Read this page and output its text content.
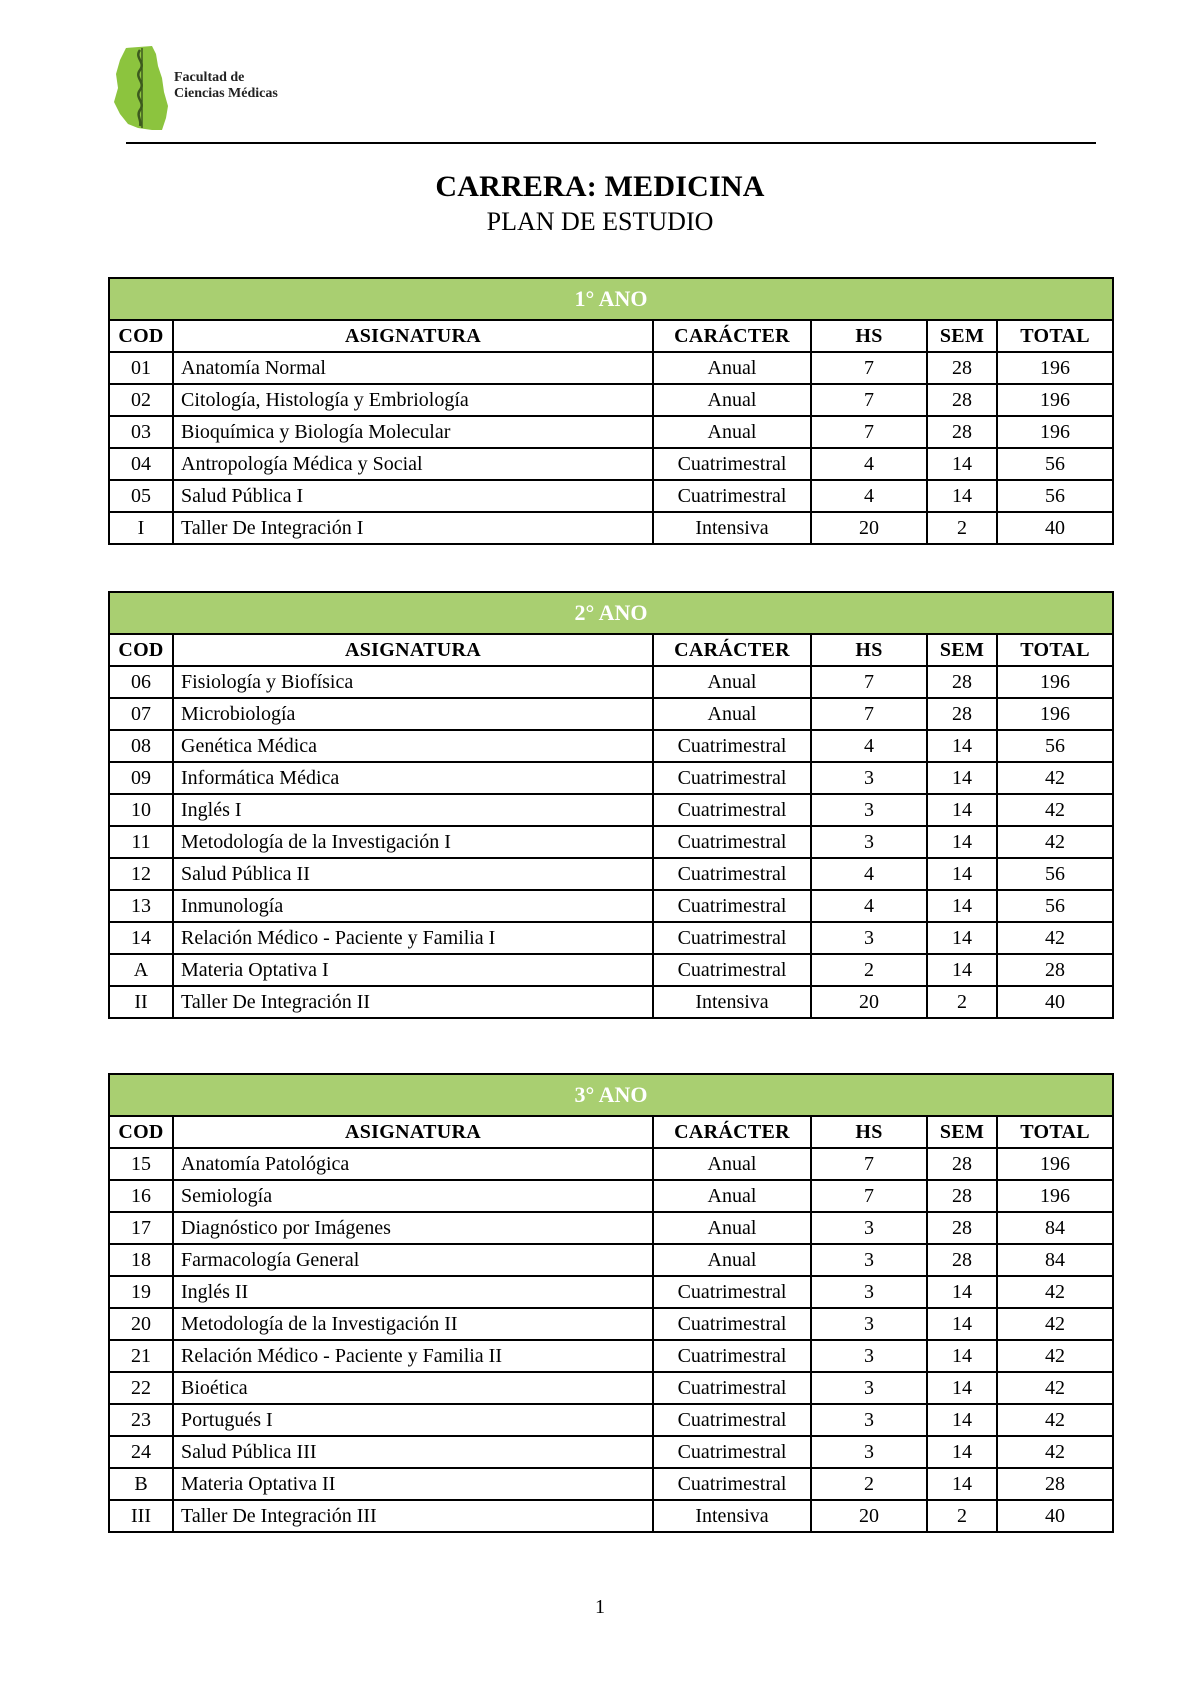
Facultad de
Ciencias Médicas
CARRERA: MEDICINA
PLAN DE ESTUDIO
1° ANO					
COD	ASIGNATURA	CARÁCTER	HS	SEM	TOTAL
01	Anatomía Normal	Anual	7	28	196
02	Citología, Histología y Embriología	Anual	7	28	196
03	Bioquímica y Biología Molecular	Anual	7	28	196
04	Antropología Médica y Social	Cuatrimestral	4	14	56
05	Salud Pública I	Cuatrimestral	4	14	56
I	Taller De Integración I	Intensiva	20	2	40
2° ANO					
COD	ASIGNATURA	CARÁCTER	HS	SEM	TOTAL
06	Fisiología y Biofísica	Anual	7	28	196
07	Microbiología	Anual	7	28	196
08	Genética Médica	Cuatrimestral	4	14	56
09	Informática Médica	Cuatrimestral	3	14	42
10	Inglés I	Cuatrimestral	3	14	42
11	Metodología de la Investigación I	Cuatrimestral	3	14	42
12	Salud Pública II	Cuatrimestral	4	14	56
13	Inmunología	Cuatrimestral	4	14	56
14	Relación Médico - Paciente y Familia I	Cuatrimestral	3	14	42
A	Materia Optativa I	Cuatrimestral	2	14	28
II	Taller De Integración II	Intensiva	20	2	40
3° ANO					
COD	ASIGNATURA	CARÁCTER	HS	SEM	TOTAL
15	Anatomía Patológica	Anual	7	28	196
16	Semiología	Anual	7	28	196
17	Diagnóstico por Imágenes	Anual	3	28	84
18	Farmacología General	Anual	3	28	84
19	Inglés II	Cuatrimestral	3	14	42
20	Metodología de la Investigación II	Cuatrimestral	3	14	42
21	Relación Médico - Paciente y Familia II	Cuatrimestral	3	14	42
22	Bioética	Cuatrimestral	3	14	42
23	Portugués I	Cuatrimestral	3	14	42
24	Salud Pública III	Cuatrimestral	3	14	42
B	Materia Optativa II	Cuatrimestral	2	14	28
III	Taller De Integración III	Intensiva	20	2	40
1
